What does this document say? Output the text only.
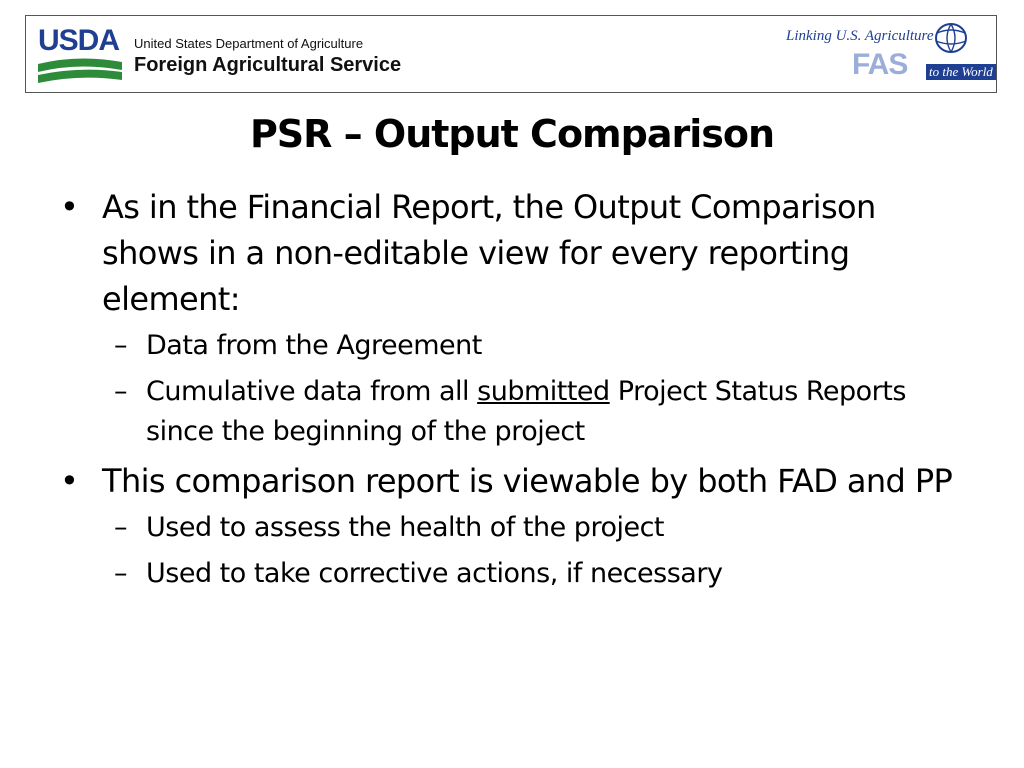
USDA United States Department of Agriculture
Foreign Agricultural Service
Linking U.S. Agriculture
FAS to the World
PSR – Output Comparison
• As in the Financial Report, the Output Comparison shows in a non-editable view for every reporting element:
– Data from the Agreement
– Cumulative data from all submitted Project Status Reports since the beginning of the project
• This comparison report is viewable by both FAD and PP
– Used to assess the health of the project
– Used to take corrective actions, if necessary
